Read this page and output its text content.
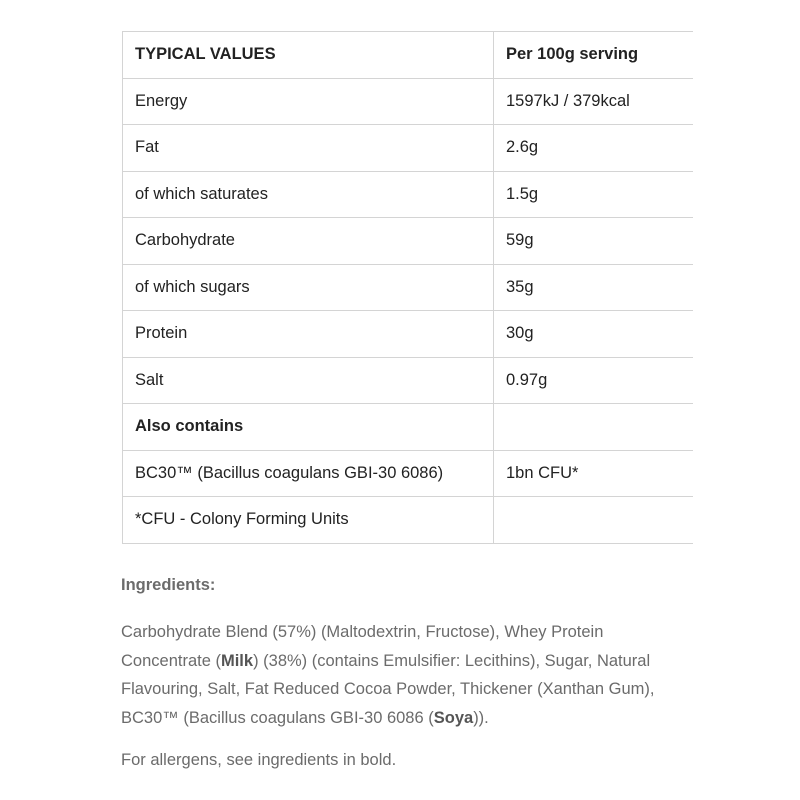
TYPICAL VALUES	Per 100g serving
Energy	1597kJ / 379kcal
Fat	2.6g
of which saturates	1.5g
Carbohydrate	59g
of which sugars	35g
Protein	30g
Salt	0.97g
Also contains	
BC30™ (Bacillus coagulans GBI-30 6086)	1bn CFU*
*CFU - Colony Forming Units	
Ingredients:

Carbohydrate Blend (57%) (Maltodextrin, Fructose), Whey Protein Concentrate (Milk) (38%) (contains Emulsifier: Lecithins), Sugar, Natural Flavouring, Salt, Fat Reduced Cocoa Powder, Thickener (Xanthan Gum), BC30™ (Bacillus coagulans GBI-30 6086 (Soya)).

For allergens, see ingredients in bold.
